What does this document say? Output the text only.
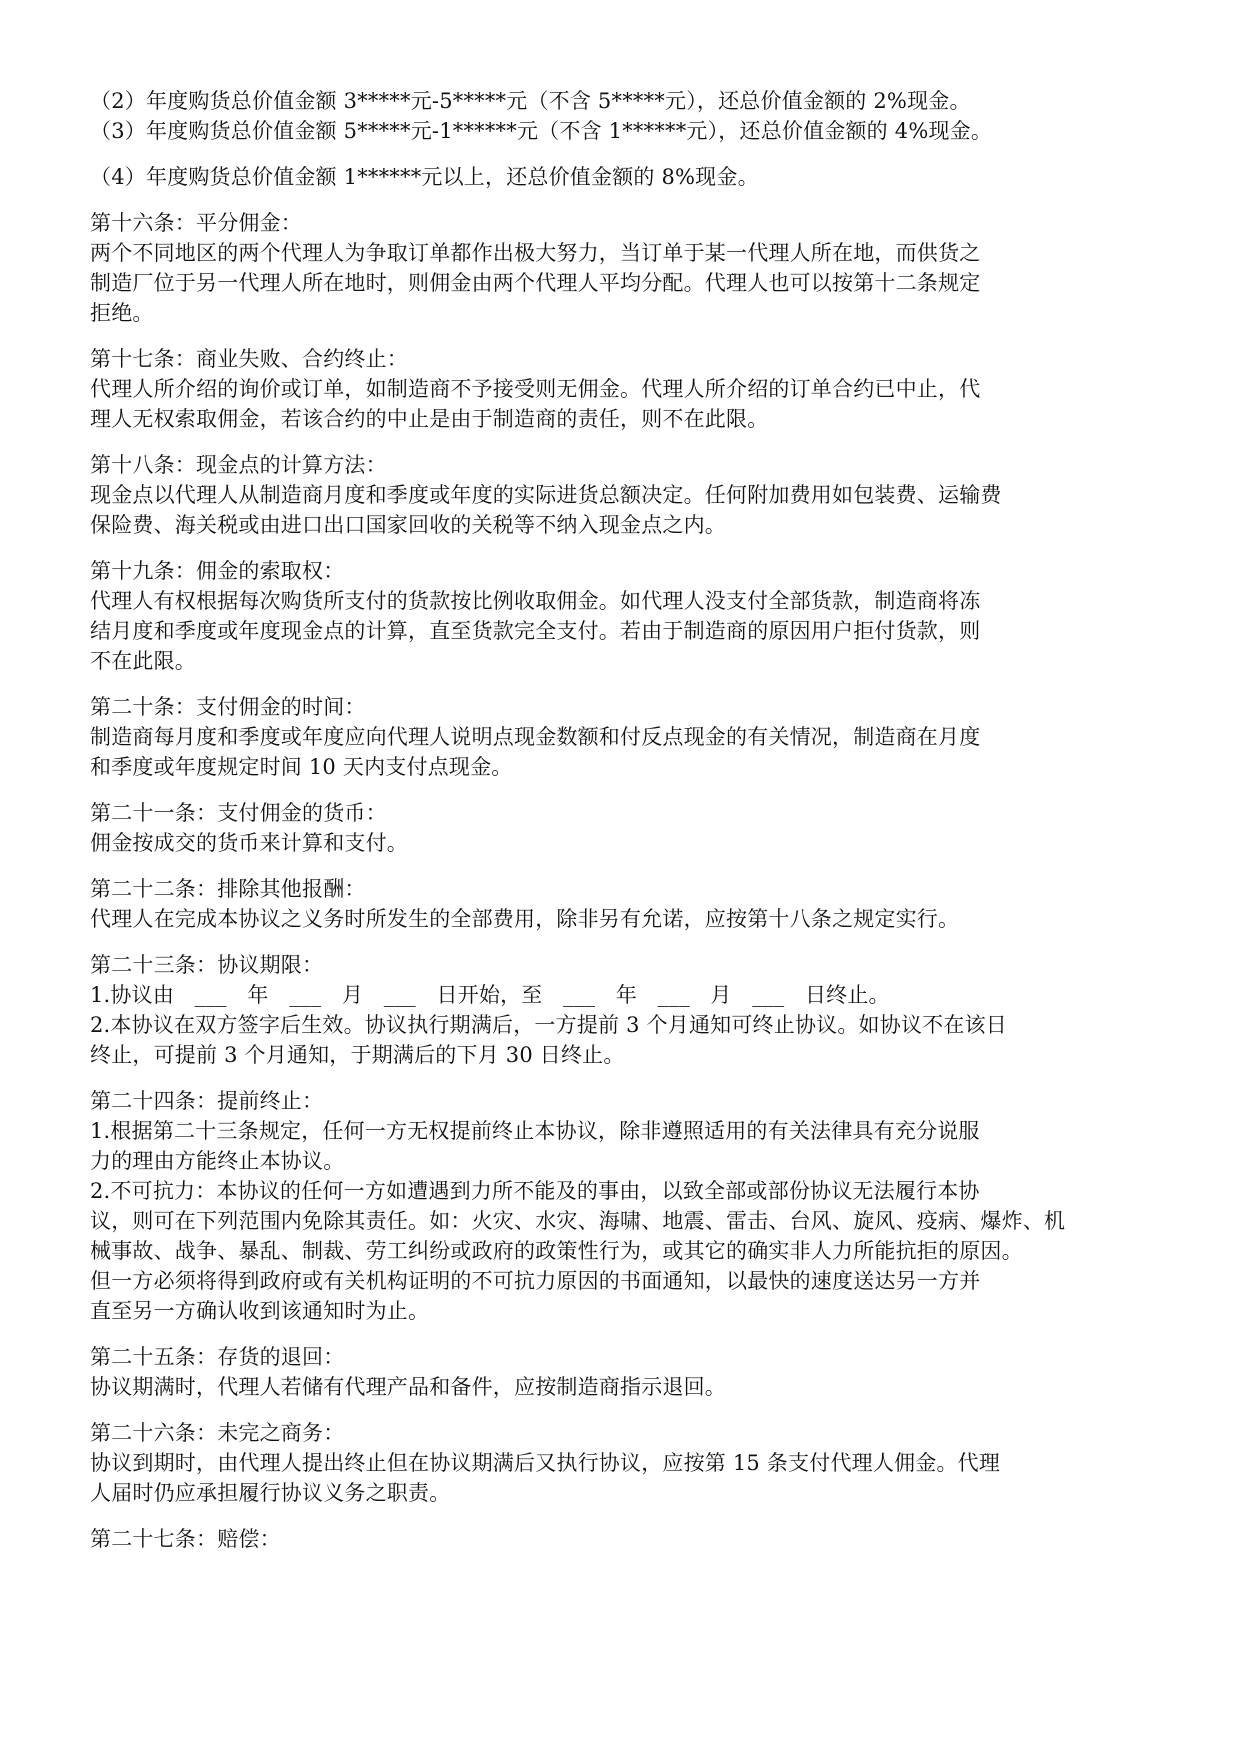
（2）年度购货总价值金额 3*****元-5*****元（不含 5*****元），还总价值金额的 2%现金。
（3）年度购货总价值金额 5*****元-1******元（不含 1******元），还总价值金额的 4%现金。
（4）年度购货总价值金额 1******元以上，还总价值金额的 8%现金。
第十六条：平分佣金：
两个不同地区的两个代理人为争取订单都作出极大努力，当订单于某一代理人所在地，而供货之
制造厂位于另一代理人所在地时，则佣金由两个代理人平均分配。代理人也可以按第十二条规定
拒绝。
第十七条：商业失败、合约终止：
代理人所介绍的询价或订单，如制造商不予接受则无佣金。代理人所介绍的订单合约已中止，代
理人无权索取佣金，若该合约的中止是由于制造商的责任，则不在此限。
第十八条：现金点的计算方法：
现金点以代理人从制造商月度和季度或年度的实际进货总额决定。任何附加费用如包装费、运输费
保险费、海关税或由进口出口国家回收的关税等不纳入现金点之内。
第十九条：佣金的索取权：
代理人有权根据每次购货所支付的货款按比例收取佣金。如代理人没支付全部货款，制造商将冻
结月度和季度或年度现金点的计算，直至货款完全支付。若由于制造商的原因用户拒付货款，则
不在此限。
第二十条：支付佣金的时间：
制造商每月度和季度或年度应向代理人说明点现金数额和付反点现金的有关情况，制造商在月度
和季度或年度规定时间 10 天内支付点现金。
第二十一条：支付佣金的货币：
佣金按成交的货币来计算和支付。
第二十二条：排除其他报酬：
代理人在完成本协议之义务时所发生的全部费用，除非另有允诺，应按第十八条之规定实行。
第二十三条：协议期限：
1.协议由   ___   年   ___   月   ___   日开始，至   ___   年   ___   月   ___   日终止。
2.本协议在双方签字后生效。协议执行期满后，一方提前 3 个月通知可终止协议。如协议不在该日
终止，可提前 3 个月通知，于期满后的下月 30 日终止。
第二十四条：提前终止：
1.根据第二十三条规定，任何一方无权提前终止本协议，除非遵照适用的有关法律具有充分说服
力的理由方能终止本协议。
2.不可抗力：本协议的任何一方如遭遇到力所不能及的事由，以致全部或部份协议无法履行本协
议，则可在下列范围内免除其责任。如：火灾、水灾、海啸、地震、雷击、台风、旋风、疫病、爆炸、机
械事故、战争、暴乱、制裁、劳工纠纷或政府的政策性行为，或其它的确实非人力所能抗拒的原因。
但一方必须将得到政府或有关机构证明的不可抗力原因的书面通知，以最快的速度送达另一方并
直至另一方确认收到该通知时为止。
第二十五条：存货的退回：
协议期满时，代理人若储有代理产品和备件，应按制造商指示退回。
第二十六条：未完之商务：
协议到期时，由代理人提出终止但在协议期满后又执行协议，应按第 15 条支付代理人佣金。代理
人届时仍应承担履行协议义务之职责。
第二十七条：赔偿：
